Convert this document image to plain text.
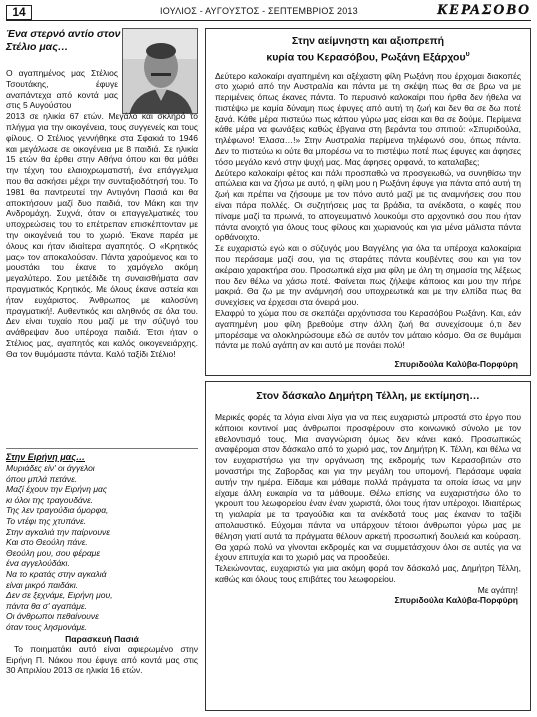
14	ΙΟΥΛΙΟΣ - ΑΥΓΟΥΣΤΟΣ - ΣΕΠΤΕΜΒΡΙΟΣ 2013	ΚΕΡΑΣΟΒΟ
Ένα στερνό αντίο στον Στέλιο μας…
Ο αγαπημένος μας Στέλιος Τσουτάκης, έφυγε αναπάντεχα από κοντά μας στις 5 Αυγούστου
2013 σε ηλικία 67 ετών. Μεγάλο και σκληρό το πλήγμα για την οικογένεια, τους συγγενείς και τους φίλους. Ο Στέλιος γεννήθηκε στα Σφακιά το 1946 και μεγάλωσε σε οικογένεια με 8 παιδιά. Σε ηλικία 15 ετών θα έρθει στην Αθήνα όπου και θα μάθει την τέχνη του ελαιοχρωματιστή, ένα επάγγελμα που θα ασκήσει μέχρι την συνταξιοδότησή του. Το 1981 θα παντρευτεί την Αντιγόνη Πασιά και θα αποκτήσουν μαζί δυο παιδιά, τον Μάκη και την Ανδρομάχη. Συχνά, όταν οι επαγγελματικές του υποχρεώσεις του το επέτρεπαν επισκέπτονταν με την οικογένειά του το χωριό. Έκανε παρέα με όλους και ήταν ιδιαίτερα αγαπητός. Ο «Κρητικός μας» τον αποκαλούσαν. Πάντα χαρούμενος και το μουστάκι του έκανε το χαμόγελο ακόμη μεγαλύτερο. Σου μετέδιδε τη συναισθήματα σαν πραγματικός Κρητικός. Με όλους έκανε αστεία και ήταν ευχάριστος. Άνθρωπος με καλοσύνη πραγματική!. Αυθεντικός και αληθινός σε όλα του. Δεν είναι τυχαίο που μαζί με την σύζυγό του ανάθρεψαν δυο υπέροχα παιδιά. Έτσι ήταν ο Στέλιος μας, αγαπητός και καλός οικογενειάρχης. Θα τον θυμόμαστε πάντα. Καλό ταξίδι Στέλιο!
Στην Ειρήνη μας…
Μυριάδες είν' οι άγγελοι
όπου μπλά πετάνε.
Μαζί έχουν την Ειρήνη μας
κι όλοι της τραγουδάνε.
Της λεν τραγούδια όμορφα,
Το ντέφι της χτυπάνε.
Στην αγκαλιά την παίρνουνε
Και στο Θεούλη πάνε.
Θεούλη μου, σου φέραμε
ένα αγγελούδάκι.
Να το κρατάς στην αγκαλιά
είναι μικρό παιδάκι.
Δεν σε ξεχνάμε, Ειρήνη μου,
πάντα θα σ' αγαπάμε.
Οι άνθρωποι πεθαίνουνε
όταν τους λησμονάμε.
Παρασκευή Πασιά
Το ποιηματάκι αυτό είναι αφιερωμένο στην Ειρήνη Π. Νάκου που έφυγε από κοντά μας στις 30 Απριλίου 2013 σε ηλικία 16 ετών.
Στην αείμνηστη και αξιοπρεπή
κυρία του Κερασόβου, Ρωξάνη Εξάρχου$^\upsilon$

Δεύτερο καλοκαίρι αγαπημένη και αξέχαστη φίλη Ρωξάνη που έρχομαι διακοπές στο χωριό από την Αυστραλία και πάντα με τη σκέψη πως θα σε βρω να με περιμένεις όπως έκανες πάντα. Το περυσινό καλοκαίρι που ήρθα δεν ήθελα να πιστέψω με καμία δύναμη πως έφυγες από αυτή τη ζωή και δεν θα σε δω ποτέ ξανά. Κάθε μέρα πιστεύω πως κάπου γύρω μας είσαι και θα σε δούμε. Περίμενα κάθε μέρα να φωνάξεις καθώς έβγαινα στη βεράντα του σπιτιού: «Σπυριδούλα, τηλέφωνο! Έλασα…!» Στην Αυστραλία περίμενα τηλέφωνό σου, όπως πάντα. Δεν το πιστεύω κι ούτε θα μπορέσω να το πιστέψω ποτέ πως έφυγες και άφησες τόσο μεγάλο κενό στην ψυχή μας. Μας άφησες ορφανά, το καταλαβες;

Δεύτερο καλοκαίρι φέτος και πάλι προσπαθώ να προσγειωθώ, να συνηθίσω την απώλεια και να ζήσω με αυτό, η φίλη μου η Ρωξάνη έφυγε για πάντα από αυτή τη ζωή και πρέπει να ζήσουμε με τον πόνο αυτό μαζί με τις αναμνήσεις σου που είναι πάρα πολλές. Οι συζητήσεις μας τα βράδια, τα ανέκδοτα, ο καφές που πίναμε μαζί τα πρωινά, το απογευματινό λουκούμι στο αρχοντικό σου που ήταν πάντα ανοιχτό για όλους τους φίλους και χωριανούς και για μένα μάλιστα πάντα ορθάνοιχτο.

Σε ευχαριστώ εγώ και ο σύζυγός μου Βαγγέλης για όλα τα υπέροχα καλοκαίρια που περάσαμε μαζί σου, για τις σταράτες πάντα κουβέντες σου και για τον ακέραιο χαρακτήρα σου. Προσωπικά είχα μια φίλη με όλη τη σημασία της λέξεως που δεν θέλω να χάσω ποτέ. Φαίνεται πως ζήλεψε κάποιος και μου την πήρε μακριά. Θα ζω με την ανάμνησή σου υποχρεωτικά και με την ελπίδα πως θα συνεχίσεις να έρχεσαι στα όνειρά μου.

Ελαφρύ το χώμα που σε σκεπάζει αρχόντισσα του Κερασόβου Ρωξάνη. Και, εάν αγαπημένη μου φίλη βρεθούμε στην άλλη ζωή θα συνεχίσουμε ό,τι δεν μπορέσαμε να ολοκληρώσουμε εδώ σε αυτόν τον μάταιο κόσμο. Θα σε θυμάμαι πάντα με πολύ αγάπη αν και αυτό με πονάει πολύ!

Σπυριδούλα Καλύβα-Πορφύρη
Στον δάσκαλο Δημήτρη Τέλλη, με εκτίμηση…

Μερικές φορές τα λόγια είναι λίγα για να πεις ευχαριστώ μπροστά στο έργο που κάποιοι κοντινοί μας άνθρωποι προσφέρουν στο κοινωνικό σύνολο με τον εθελοντισμό τους. Μια αναγνώριση όμως δεν κάνει κακό. Προσωπικώς αναφέρομαι στον δάσκαλο από το χωριό μας, τον Δημήτρη Κ. Τέλλη, και θέλω να τον ευχαριστήσω για την οργάνωση της εκδρομής των Κερασοβιτών στο μοναστήρι της Ζαβορδας και για την μεγάλη του υπομονή. Περάσαμε υφαία αυτήν την ημέρα. Είδαμε και μάθαμε πολλά πράγματα τα οποία ίσως να μην είχαμε άλλη ευκαιρία να τα μάθουμε. Θέλω επίσης να ευχαριστήσω όλο το γκρουπ του λεωφορείου έναν έναν χωριστά, όλοι τους ήταν υπέροχοι. Ιδιαιτέρως τη γιαλαρία με τα τραγούδια και τα ανέκδοτά τους μας έκαναν το ταξίδι απολαυστικό. Εύχομαι πάντα να υπάρχουν τέτοιοι άνθρωποι γύρω μας με θέληση γιατί αυτά τα πράγματα θέλουν αρκετή προσωπική δουλειά και κούραση. Θα χαρώ πολύ να γίνονται εκδρομές και να συμμετάσχουν όλοι σε αυτές για να έχουν επιτυχία και το χωριό μας να προοδεύει.

Τελειώνοντας, ευχαριστώ για μια ακόμη φορά τον δάσκαλό μας, Δημήτρη Τέλλη, καθώς και όλους τους επιβάτες του λεωφορείου.

Με αγάπη!
Σπυριδούλα Καλύβα-Πορφύρη
